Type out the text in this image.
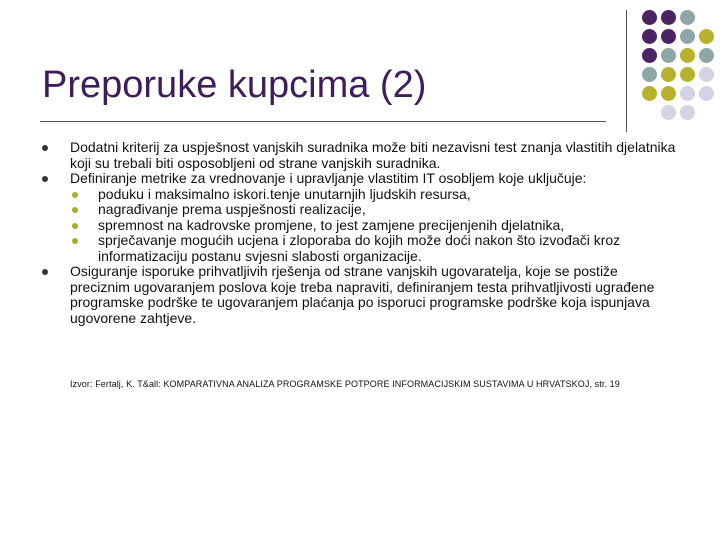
Preporuke kupcima (2)
Dodatni kriterij za uspješnost vanjskih suradnika može biti nezavisni test znanja vlastitih djelatnika koji su trebali biti osposobljeni od strane vanjskih suradnika.
Definiranje metrike za vrednovanje i upravljanje vlastitim IT osobljem koje uključuje:
poduku i maksimalno iskori.tenje unutarnjih ljudskih resursa,
nagrađivanje prema uspješnosti realizacije,
spremnost na kadrovske promjene, to jest zamjene precijenjenih djelatnika,
sprječavanje mogućih ucjena i zloporaba do kojih može doći nakon što izvođači kroz informatizaciju postanu svjesni slabosti organizacije.
Osiguranje isporuke prihvatljivih rješenja od strane vanjskih ugovaratelja, koje se postiže preciznim ugovaranjem poslova koje treba napraviti, definiranjem testa prihvatljivosti ugrađene programske podrške te ugovaranjem plaćanja po isporuci programske podrške koja ispunjava ugovorene zahtjeve.
Izvor: Fertalj, K. T&all: KOMPARATIVNA ANALIZA PROGRAMSKE POTPORE INFORMACIJSKIM SUSTAVIMA U HRVATSKOJ, str. 19
